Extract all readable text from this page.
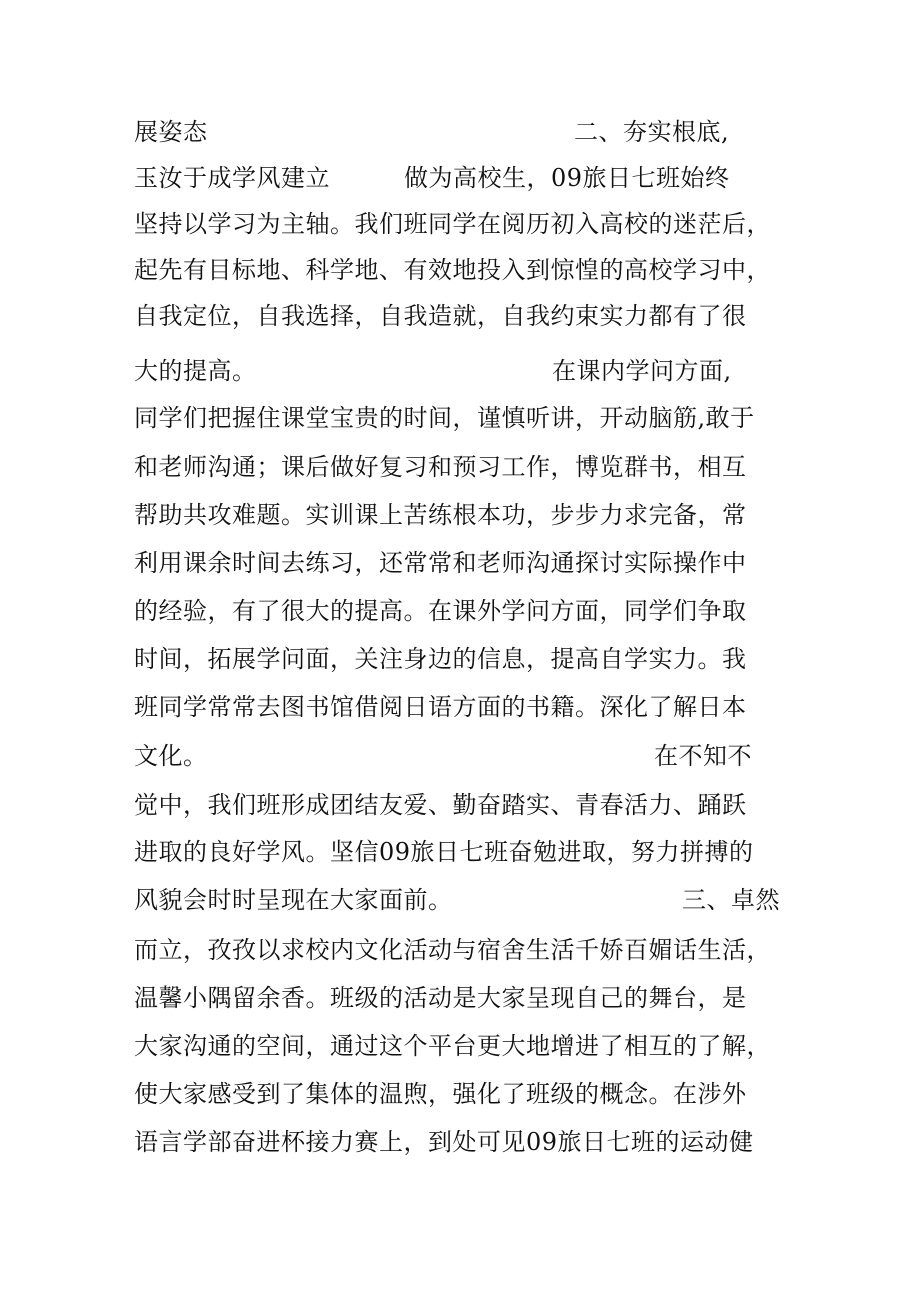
展姿态	二、夯实根底,
玉汝于成学风建立	做为高校生，09旅日七班始终
坚持以学习为主轴。我们班同学在阅历初入高校的迷茫后，
起先有目标地、科学地、有效地投入到惊惶的高校学习中，
自我定位，自我选择，自我造就，自我约束实力都有了很
大的提高。	在课内学问方面,
同学们把握住课堂宝贵的时间，谨慎听讲，开动脑筋,敢于
和老师沟通；课后做好复习和预习工作，博览群书，相互
帮助共攻难题。实训课上苦练根本功，步步力求完备，常
利用课余时间去练习，还常常和老师沟通探讨实际操作中
的经验，有了很大的提高。在课外学问方面，同学们争取
时间，拓展学问面，关注身边的信息，提高自学实力。我
班同学常常去图书馆借阅日语方面的书籍。深化了解日本
文化。	在不知不
觉中，我们班形成团结友爱、勤奋踏实、青春活力、踊跃
进取的良好学风。坚信09旅日七班奋勉进取，努力拼搏的
风貌会时时呈现在大家面前。	三、卓然
而立，孜孜以求校内文化活动与宿舍生活千娇百媚话生活，
温馨小隅留余香。班级的活动是大家呈现自己的舞台，是
大家沟通的空间，通过这个平台更大地增进了相互的了解，
使大家感受到了集体的温煦，强化了班级的概念。在涉外
语言学部奋进杯接力赛上，到处可见09旅日七班的运动健
